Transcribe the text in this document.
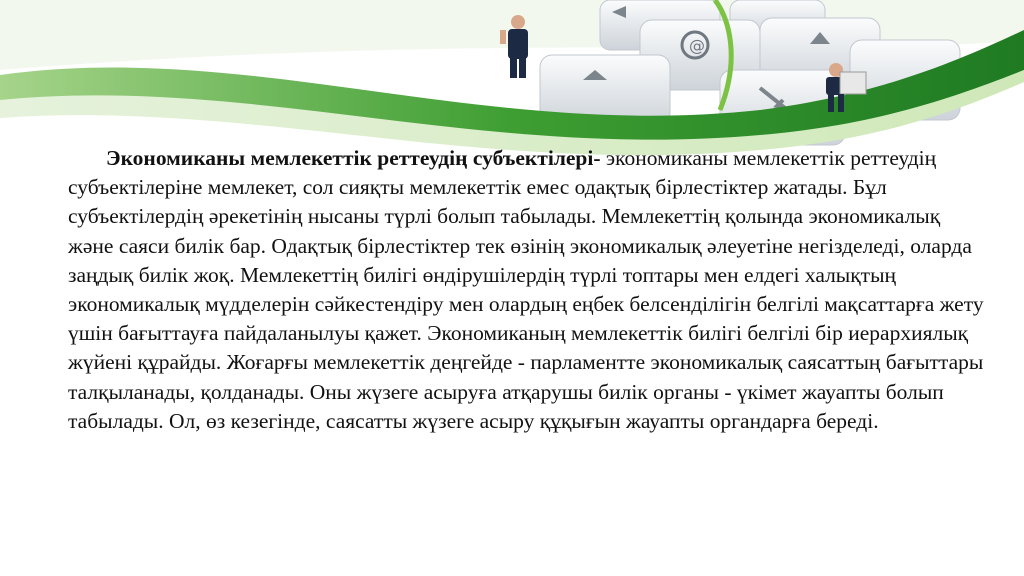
@

Экономиканы мемлекеттік реттеудің субъектілері- экономиканы мемлекеттік реттеудің субъектілеріне мемлекет, сол сияқты мемлекеттік емес одақтық бірлестіктер жатады. Бұл субъектілердің әрекетінің нысаны түрлі болып табылады. Мемлекеттің қолында экономикалық және саяси билік бар. Одақтық бірлестіктер тек өзінің экономикалық әлеуетіне негізделеді, оларда заңдық билік жоқ. Мемлекеттің билігі өндірушілердің түрлі топтары мен елдегі халықтың экономикалық мүдделерін сәйкестендіру мен олардың еңбек белсенділігін белгілі мақсаттарға жету үшін бағыттауға пайдаланылуы қажет. Экономиканың мемлекеттік билігі белгілі бір иерархиялық жүйені құрайды. Жоғарғы мемлекеттік деңгейде - парламентте экономикалық саясаттың бағыттары талқыланады, қолданады. Оны жүзеге асыруға атқарушы билік органы - үкімет жауапты болып табылады. Ол, өз кезегінде, саясатты жүзеге асыру құқығын жауапты органдарға береді.
